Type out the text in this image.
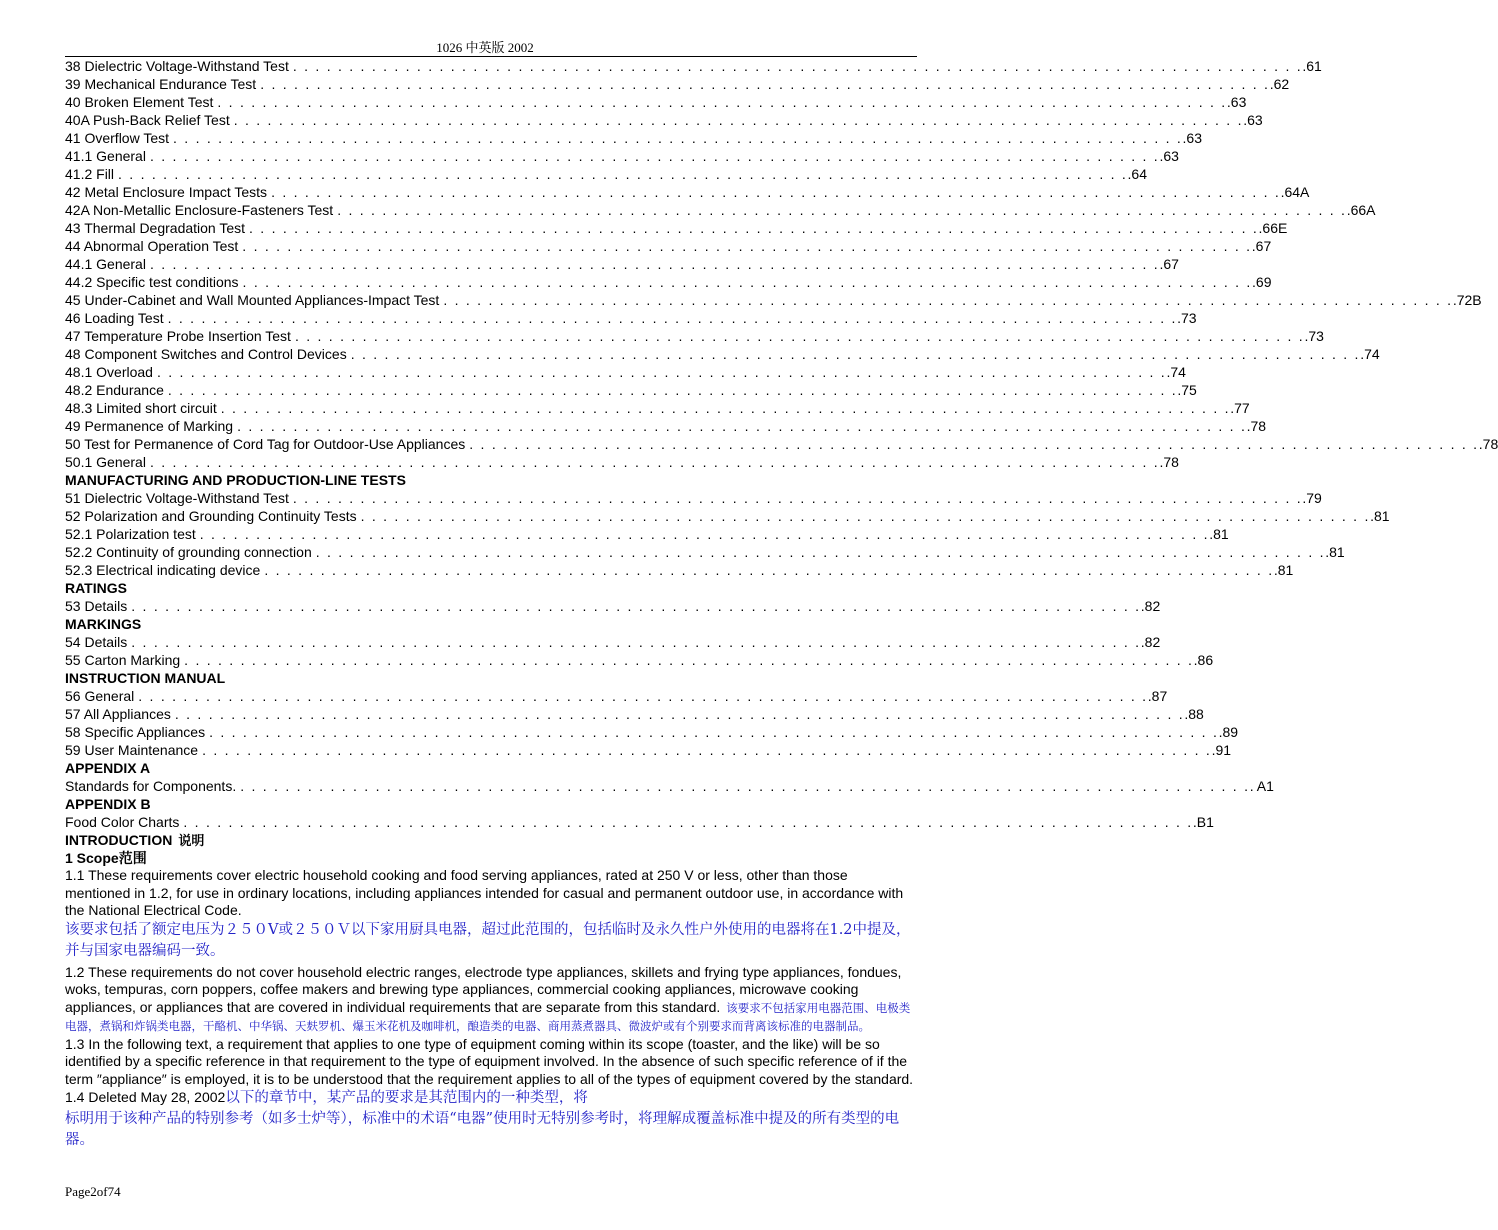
1026 中英版 2002
38 Dielectric Voltage-Withstand Test . . . . . . . . . . . . . . . . . . . . . . . . . . . . . . . . . . . . . . . . . . . . . . . . . . . . . . . . . . . . . . . . . . . . . . . . . . . . . . . . . . . . . . . . . . .61
39 Mechanical Endurance Test . . . . . . . . . . . . . . . . . . . . . . . . . . . . . . . . . . . . . . . . . . . . . . . . . . . . . . . . . . . . . . . . . . . . . . . . . . . . . . . . . . . . . . . . . . .62
40 Broken Element Test . . . . . . . . . . . . . . . . . . . . . . . . . . . . . . . . . . . . . . . . . . . . . . . . . . . . . . . . . . . . . . . . . . . . . . . . . . . . . . . . . . . . . . . . . . .63
40A Push-Back Relief Test . . . . . . . . . . . . . . . . . . . . . . . . . . . . . . . . . . . . . . . . . . . . . . . . . . . . . . . . . . . . . . . . . . . . . . . . . . . . . . . . . . . . . . . . . . .63
41 Overflow Test . . . . . . . . . . . . . . . . . . . . . . . . . . . . . . . . . . . . . . . . . . . . . . . . . . . . . . . . . . . . . . . . . . . . . . . . . . . . . . . . . . . . . . . . . . .63
41.1 General . . . . . . . . . . . . . . . . . . . . . . . . . . . . . . . . . . . . . . . . . . . . . . . . . . . . . . . . . . . . . . . . . . . . . . . . . . . . . . . . . . . . . . . . . . .63
41.2 Fill . . . . . . . . . . . . . . . . . . . . . . . . . . . . . . . . . . . . . . . . . . . . . . . . . . . . . . . . . . . . . . . . . . . . . . . . . . . . . . . . . . . . . . . . . . .64
42 Metal Enclosure Impact Tests . . . . . . . . . . . . . . . . . . . . . . . . . . . . . . . . . . . . . . . . . . . . . . . . . . . . . . . . . . . . . . . . . . . . . . . . . . . . . . . . . . . . . . . . . . .64A
42A Non-Metallic Enclosure-Fasteners Test . . . . . . . . . . . . . . . . . . . . . . . . . . . . . . . . . . . . . . . . . . . . . . . . . . . . . . . . . . . . . . . . . . . . . . . . . . . . . . . . . . . . . . . . . . .66A
43 Thermal Degradation Test . . . . . . . . . . . . . . . . . . . . . . . . . . . . . . . . . . . . . . . . . . . . . . . . . . . . . . . . . . . . . . . . . . . . . . . . . . . . . . . . . . . . . . . . . . .66E
44 Abnormal Operation Test . . . . . . . . . . . . . . . . . . . . . . . . . . . . . . . . . . . . . . . . . . . . . . . . . . . . . . . . . . . . . . . . . . . . . . . . . . . . . . . . . . . . . . . . . . .67
44.1 General . . . . . . . . . . . . . . . . . . . . . . . . . . . . . . . . . . . . . . . . . . . . . . . . . . . . . . . . . . . . . . . . . . . . . . . . . . . . . . . . . . . . . . . . . . .67
44.2 Specific test conditions . . . . . . . . . . . . . . . . . . . . . . . . . . . . . . . . . . . . . . . . . . . . . . . . . . . . . . . . . . . . . . . . . . . . . . . . . . . . . . . . . . . . . . . . . . .69
45 Under-Cabinet and Wall Mounted Appliances-Impact Test . . . . . . . . . . . . . . . . . . . . . . . . . . . . . . . . . . . . . . . . . . . . . . . . . . . . . . . . . . . . . . . . . . . . . . . . . . . . . . . . . . . . . . . . . . .72B
46 Loading Test . . . . . . . . . . . . . . . . . . . . . . . . . . . . . . . . . . . . . . . . . . . . . . . . . . . . . . . . . . . . . . . . . . . . . . . . . . . . . . . . . . . . . . . . . . .73
47 Temperature Probe Insertion Test . . . . . . . . . . . . . . . . . . . . . . . . . . . . . . . . . . . . . . . . . . . . . . . . . . . . . . . . . . . . . . . . . . . . . . . . . . . . . . . . . . . . . . . . . . .73
48 Component Switches and Control Devices . . . . . . . . . . . . . . . . . . . . . . . . . . . . . . . . . . . . . . . . . . . . . . . . . . . . . . . . . . . . . . . . . . . . . . . . . . . . . . . . . . . . . . . . . . .74
48.1 Overload . . . . . . . . . . . . . . . . . . . . . . . . . . . . . . . . . . . . . . . . . . . . . . . . . . . . . . . . . . . . . . . . . . . . . . . . . . . . . . . . . . . . . . . . . . .74
48.2 Endurance . . . . . . . . . . . . . . . . . . . . . . . . . . . . . . . . . . . . . . . . . . . . . . . . . . . . . . . . . . . . . . . . . . . . . . . . . . . . . . . . . . . . . . . . . . .75
48.3 Limited short circuit . . . . . . . . . . . . . . . . . . . . . . . . . . . . . . . . . . . . . . . . . . . . . . . . . . . . . . . . . . . . . . . . . . . . . . . . . . . . . . . . . . . . . . . . . . .77
49 Permanence of Marking . . . . . . . . . . . . . . . . . . . . . . . . . . . . . . . . . . . . . . . . . . . . . . . . . . . . . . . . . . . . . . . . . . . . . . . . . . . . . . . . . . . . . . . . . . .78
50 Test for Permanence of Cord Tag for Outdoor-Use Appliances . . . . . . . . . . . . . . . . . . . . . . . . . . . . . . . . . . . . . . . . . . . . . . . . . . . . . . . . . . . . . . . . . . . . . . . . . . . . . . . . . . . . . . . . . . .78
50.1 General . . . . . . . . . . . . . . . . . . . . . . . . . . . . . . . . . . . . . . . . . . . . . . . . . . . . . . . . . . . . . . . . . . . . . . . . . . . . . . . . . . . . . . . . . . .78
MANUFACTURING AND PRODUCTION-LINE TESTS
51 Dielectric Voltage-Withstand Test . . . . . . . . . . . . . . . . . . . . . . . . . . . . . . . . . . . . . . . . . . . . . . . . . . . . . . . . . . . . . . . . . . . . . . . . . . . . . . . . . . . . . . . . . . .79
52 Polarization and Grounding Continuity Tests . . . . . . . . . . . . . . . . . . . . . . . . . . . . . . . . . . . . . . . . . . . . . . . . . . . . . . . . . . . . . . . . . . . . . . . . . . . . . . . . . . . . . . . . . . .81
52.1 Polarization test . . . . . . . . . . . . . . . . . . . . . . . . . . . . . . . . . . . . . . . . . . . . . . . . . . . . . . . . . . . . . . . . . . . . . . . . . . . . . . . . . . . . . . . . . . .81
52.2 Continuity of grounding connection . . . . . . . . . . . . . . . . . . . . . . . . . . . . . . . . . . . . . . . . . . . . . . . . . . . . . . . . . . . . . . . . . . . . . . . . . . . . . . . . . . . . . . . . . . .81
52.3 Electrical indicating device . . . . . . . . . . . . . . . . . . . . . . . . . . . . . . . . . . . . . . . . . . . . . . . . . . . . . . . . . . . . . . . . . . . . . . . . . . . . . . . . . . . . . . . . . . .81
RATINGS
53 Details . . . . . . . . . . . . . . . . . . . . . . . . . . . . . . . . . . . . . . . . . . . . . . . . . . . . . . . . . . . . . . . . . . . . . . . . . . . . . . . . . . . . . . . . . . .82
MARKINGS
54 Details . . . . . . . . . . . . . . . . . . . . . . . . . . . . . . . . . . . . . . . . . . . . . . . . . . . . . . . . . . . . . . . . . . . . . . . . . . . . . . . . . . . . . . . . . . .82
55 Carton Marking . . . . . . . . . . . . . . . . . . . . . . . . . . . . . . . . . . . . . . . . . . . . . . . . . . . . . . . . . . . . . . . . . . . . . . . . . . . . . . . . . . . . . . . . . . .86
INSTRUCTION MANUAL
56 General . . . . . . . . . . . . . . . . . . . . . . . . . . . . . . . . . . . . . . . . . . . . . . . . . . . . . . . . . . . . . . . . . . . . . . . . . . . . . . . . . . . . . . . . . . .87
57 All Appliances . . . . . . . . . . . . . . . . . . . . . . . . . . . . . . . . . . . . . . . . . . . . . . . . . . . . . . . . . . . . . . . . . . . . . . . . . . . . . . . . . . . . . . . . . . .88
58 Specific Appliances . . . . . . . . . . . . . . . . . . . . . . . . . . . . . . . . . . . . . . . . . . . . . . . . . . . . . . . . . . . . . . . . . . . . . . . . . . . . . . . . . . . . . . . . . . .89
59 User Maintenance . . . . . . . . . . . . . . . . . . . . . . . . . . . . . . . . . . . . . . . . . . . . . . . . . . . . . . . . . . . . . . . . . . . . . . . . . . . . . . . . . . . . . . . . . . .91
APPENDIX A
Standards for Components. . . . . . . . . . . . . . . . . . . . . . . . . . . . . . . . . . . . . . . . . . . . . . . . . . . . . . . . . . . . . . . . . . . . . . . . . . . . . . . . . . . . . . . . . . . . A1
APPENDIX B
Food Color Charts . . . . . . . . . . . . . . . . . . . . . . . . . . . . . . . . . . . . . . . . . . . . . . . . . . . . . . . . . . . . . . . . . . . . . . . . . . . . . . . . . . . . . . . . . . .B1
INTRODUCTION 说明
1 Scope范围

1.1 These requirements cover electric household cooking and food serving appliances, rated at 250 V or less, other than those mentioned in 1.2, for use in ordinary locations, including appliances intended for casual and permanent outdoor use, in accordance with the National Electrical Code.

该要求包括了额定电压为２５０V或２５０Ｖ以下家用厨具电器，超过此范围的，包括临时及永久性户外使用的电器将在1.2中提及，并与国家电器编码一致。

1.2 These requirements do not cover household electric ranges, electrode type appliances, skillets and frying type appliances, fondues, woks, tempuras, corn poppers, coffee makers and brewing type appliances, commercial cooking appliances, microwave cooking appliances, or appliances that are covered in individual requirements that are separate from this standard. 该要求不包括家用电器范围、电极类电器，煮锅和炸锅类电器，干酪机、中华锅、天麸罗机、爆玉米花机及咖啡机，酿造类的电器、商用蒸煮器具、微波炉或有个别要求而背离该标准的电器制品。

1.3 In the following text, a requirement that applies to one type of equipment coming within its scope (toaster, and the like) will be so identified by a specific reference in that requirement to the type of equipment involved. In the absence of such specific reference of if the term ″appliance″ is employed, it is to be understood that the requirement applies to all of the types of equipment covered by the standard. 1.4 Deleted May 28, 2002以下的章节中，某产品的要求是其范围内的一种类型，将

标明用于该种产品的特别参考（如多士炉等），标准中的术语“电器”使用时无特别参考时，将理解成覆盖标准中提及的所有类型的电器。

Page2of74
